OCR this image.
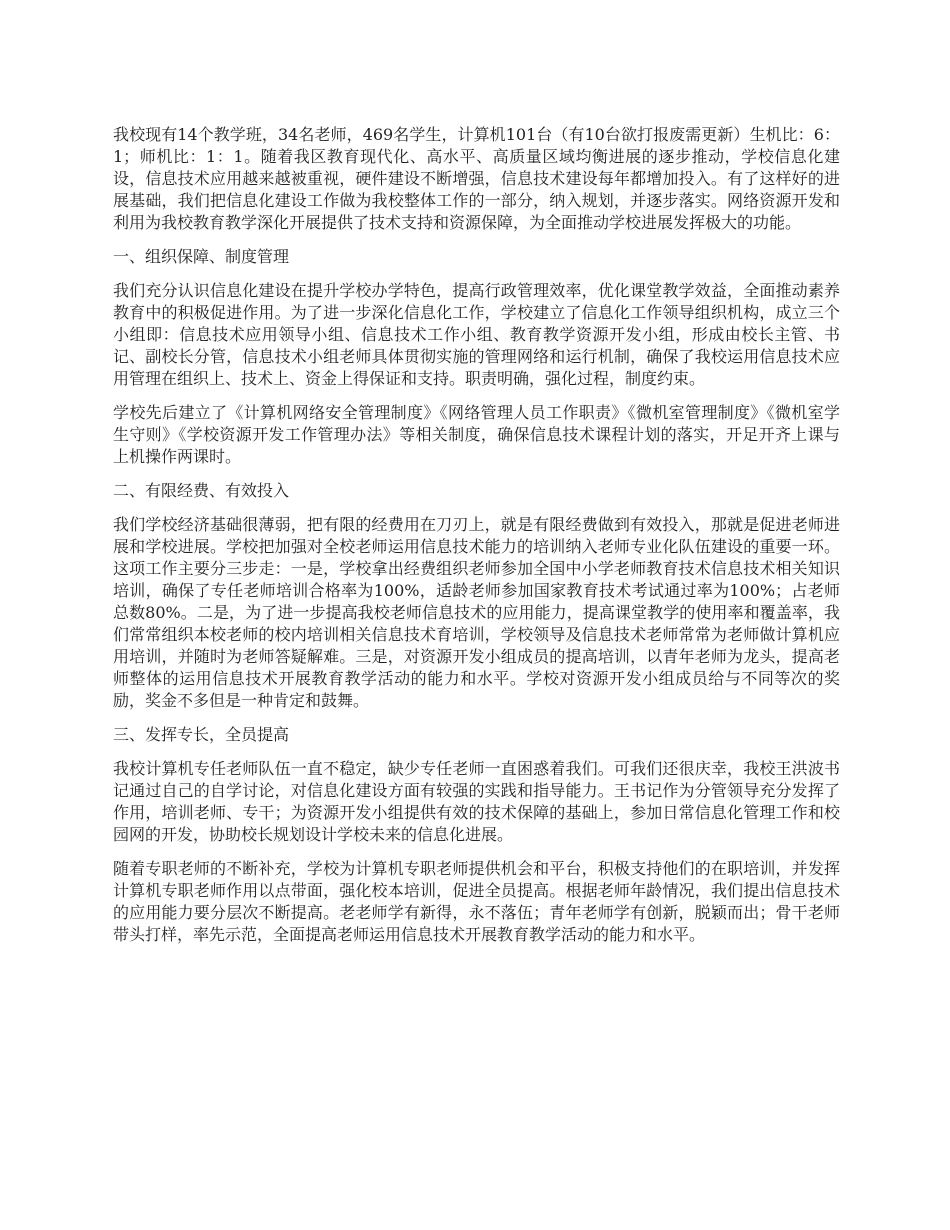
我校现有14个教学班，34名老师，469名学生，计算机101台（有10台欲打报废需更新）生机比：6：1；师机比：1：1。随着我区教育现代化、高水平、高质量区域均衡进展的逐步推动，学校信息化建设，信息技术应用越来越被重视，硬件建设不断增强，信息技术建设每年都增加投入。有了这样好的进展基础，我们把信息化建设工作做为我校整体工作的一部分，纳入规划，并逐步落实。网络资源开发和利用为我校教育教学深化开展提供了技术支持和资源保障，为全面推动学校进展发挥极大的功能。

一、组织保障、制度管理

我们充分认识信息化建设在提升学校办学特色，提高行政管理效率，优化课堂教学效益，全面推动素养教育中的积极促进作用。为了进一步深化信息化工作，学校建立了信息化工作领导组织机构，成立三个小组即：信息技术应用领导小组、信息技术工作小组、教育教学资源开发小组，形成由校长主管、书记、副校长分管，信息技术小组老师具体贯彻实施的管理网络和运行机制，确保了我校运用信息技术应用管理在组织上、技术上、资金上得保证和支持。职责明确，强化过程，制度约束。

学校先后建立了《计算机网络安全管理制度》《网络管理人员工作职责》《微机室管理制度》《微机室学生守则》《学校资源开发工作管理办法》等相关制度，确保信息技术课程计划的落实，开足开齐上课与上机操作两课时。

二、有限经费、有效投入

我们学校经济基础很薄弱，把有限的经费用在刀刃上，就是有限经费做到有效投入，那就是促进老师进展和学校进展。学校把加强对全校老师运用信息技术能力的培训纳入老师专业化队伍建设的重要一环。这项工作主要分三步走：一是，学校拿出经费组织老师参加全国中小学老师教育技术信息技术相关知识培训，确保了专任老师培训合格率为100%，适龄老师参加国家教育技术考试通过率为100%；占老师总数80%。二是，为了进一步提高我校老师信息技术的应用能力，提高课堂教学的使用率和覆盖率，我们常常组织本校老师的校内培训相关信息技术育培训，学校领导及信息技术老师常常为老师做计算机应用培训，并随时为老师答疑解难。三是，对资源开发小组成员的提高培训，以青年老师为龙头，提高老师整体的运用信息技术开展教育教学活动的能力和水平。学校对资源开发小组成员给与不同等次的奖励，奖金不多但是一种肯定和鼓舞。

三、发挥专长，全员提高

我校计算机专任老师队伍一直不稳定，缺少专任老师一直困惑着我们。可我们还很庆幸，我校王洪波书记通过自己的自学讨论，对信息化建设方面有较强的实践和指导能力。王书记作为分管领导充分发挥了作用，培训老师、专干；为资源开发小组提供有效的技术保障的基础上，参加日常信息化管理工作和校园网的开发，协助校长规划设计学校未来的信息化进展。

随着专职老师的不断补充，学校为计算机专职老师提供机会和平台，积极支持他们的在职培训，并发挥计算机专职老师作用以点带面，强化校本培训，促进全员提高。根据老师年龄情况，我们提出信息技术的应用能力要分层次不断提高。老老师学有新得，永不落伍；青年老师学有创新，脱颖而出；骨干老师带头打样，率先示范，全面提高老师运用信息技术开展教育教学活动的能力和水平。
